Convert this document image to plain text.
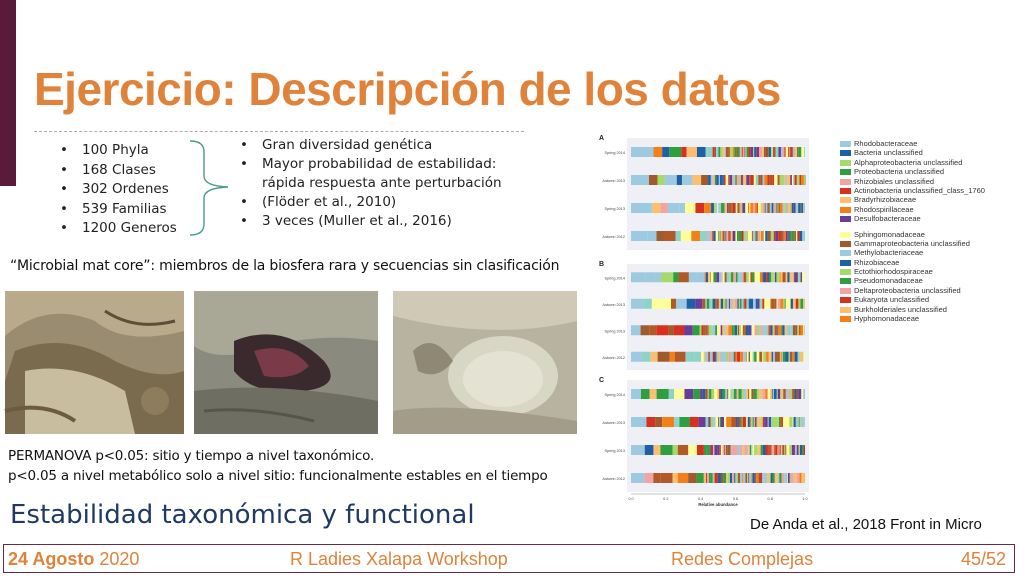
Ejercicio: Descripción de los datos
• 100 Phyla
• 168 Clases
• 302 Ordenes
• 539 Familias
• 1200 Generos
• Gran diversidad genética
• Mayor probabilidad de estabilidad:
rápida respuesta ante perturbación
• (Flöder et al., 2010)
• 3 veces (Muller et al., 2016)
“Microbial mat core”: miembros de la biosfera rara y secuencias sin clasificación
PERMANOVA p<0.05: sitio y tiempo a nivel taxonómico.
p<0.05 a nivel metabólico solo a nivel sitio: funcionalmente estables en el tiempo
A
Spring 2014
Autumn 2013
Spring 2013
Autumn 2012
B
Spring 2014
Autumn 2013
Spring 2013
Autumn 2012
C
Spring 2014
Autumn 2013
Spring 2013
Autumn 2012
0.0	0.2	0.4	0.6	0.8	1.0
Relative abundance
Rhodobacteraceae
Bacteria unclassified
Alphaproteobacteria unclassified
Proteobacteria unclassified
Rhizobiales unclassified
Actinobacteria unclassified_class_1760
Bradyrhizobiaceae
Rhodospirillaceae
Desulfobacteraceae
Sphingomonadaceae
Gammaproteobacteria unclassified
Methylobacteriaceae
Rhizobiaceae
Ectothiorhodospiraceae
Pseudomonadaceae
Deltaproteobacteria unclassified
Eukaryota unclassified
Burkholderiales unclassified
Hyphomonadaceae
Estabilidad taxonómica y functional	De Anda et al., 2018 Front in Micro
24 Agosto 2020	R Ladies Xalapa Workshop	Redes Complejas	45/52
